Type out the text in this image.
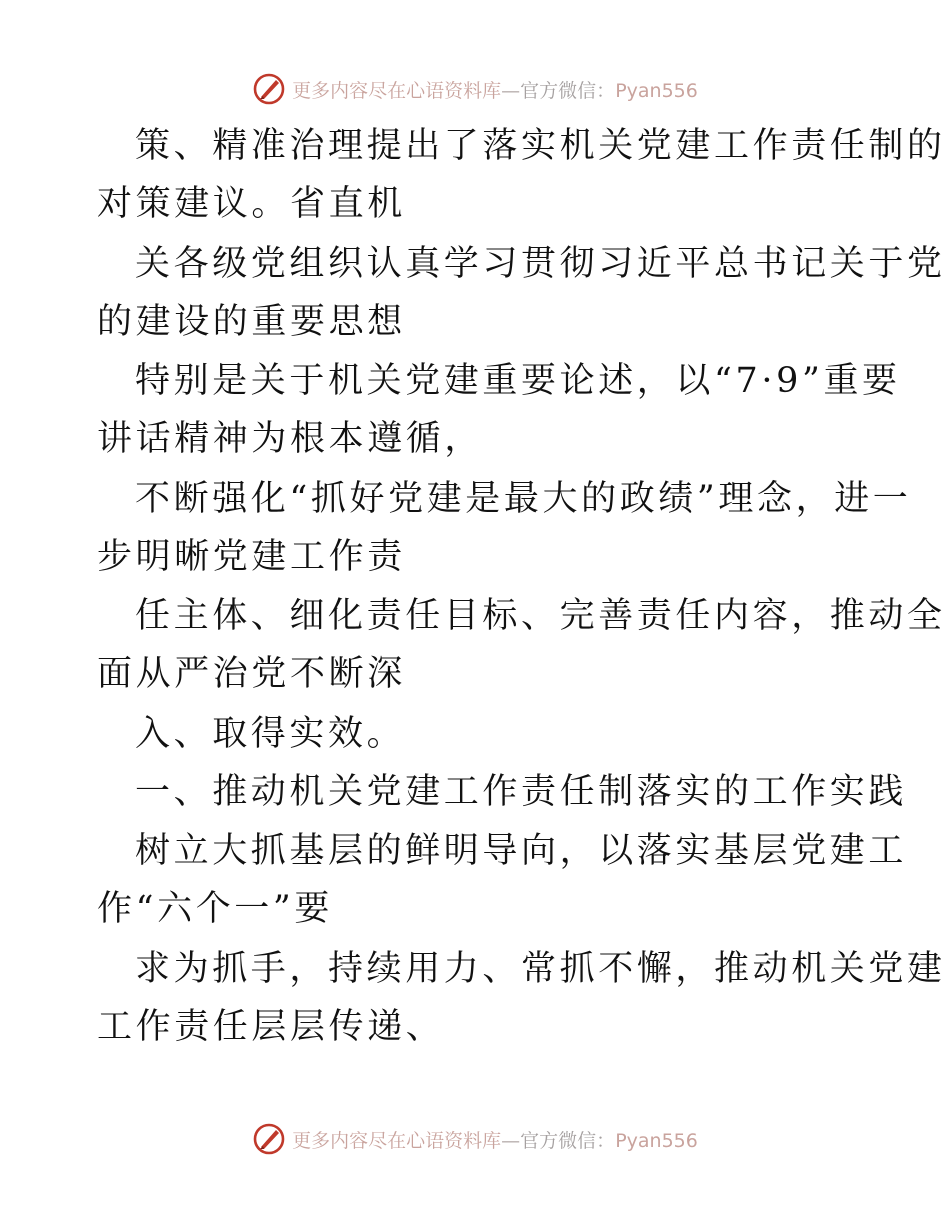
更多内容尽在心语资料库—官方微信：Pyan556
策、精准治理提出了落实机关党建工作责任制的
对策建议。省直机
关各级党组织认真学习贯彻习近平总书记关于党
的建设的重要思想
特别是关于机关党建重要论述，以“7·9”重要
讲话精神为根本遵循，
不断强化“抓好党建是最大的政绩”理念，进一
步明晰党建工作责
任主体、细化责任目标、完善责任内容，推动全
面从严治党不断深
入、取得实效。
一、推动机关党建工作责任制落实的工作实践
树立大抓基层的鲜明导向，以落实基层党建工
作“六个一”要
求为抓手，持续用力、常抓不懈，推动机关党建
工作责任层层传递、
更多内容尽在心语资料库—官方微信：Pyan556
